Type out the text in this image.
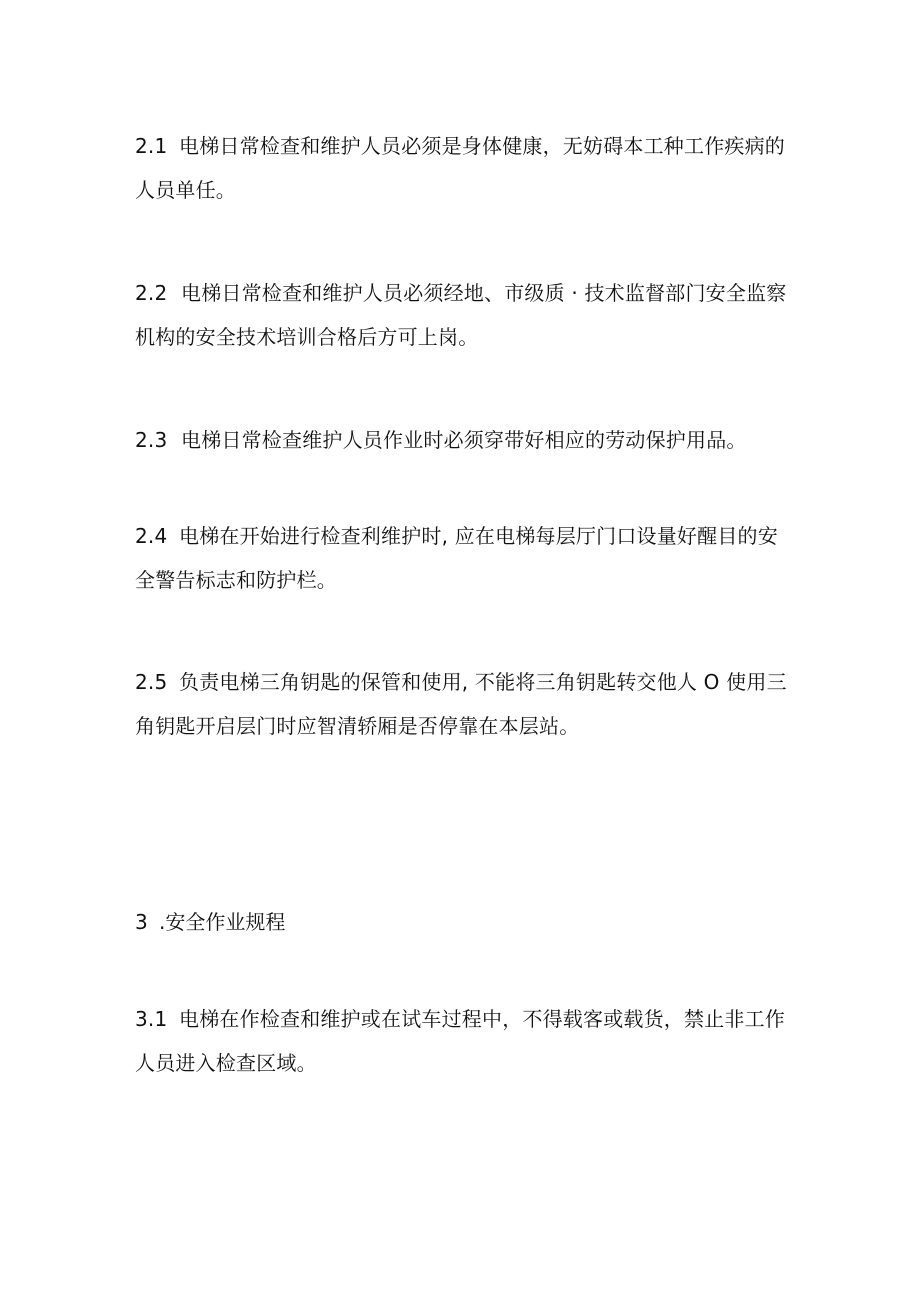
2.1 电梯日常检查和维护人员必须是身体健康，无妨碍本工种工作疾病的
人员单任。

2.2 电梯日常检查和维护人员必须经地、市级质 · 技术监督部门安全监察
机构的安全技术培训合格后方可上岗。

2.3 电梯日常检查维护人员作业时必须穿带好相应的劳动保护用品。

2.4 电梯在开始进行检查利维护时, 应在电梯每层厅门口设量好醒目的安
全警告标志和防护栏。

2.5 负责电梯三角钥匙的保管和使用, 不能将三角钥匙转交他人 O 使用三
角钥匙开启层门时应智清轿厢是否停靠在本层站。

3 .安全作业规程

3.1 电梯在作检查和维护或在试车过程中，不得载客或载货，禁止非工作
人员进入检查区域。
